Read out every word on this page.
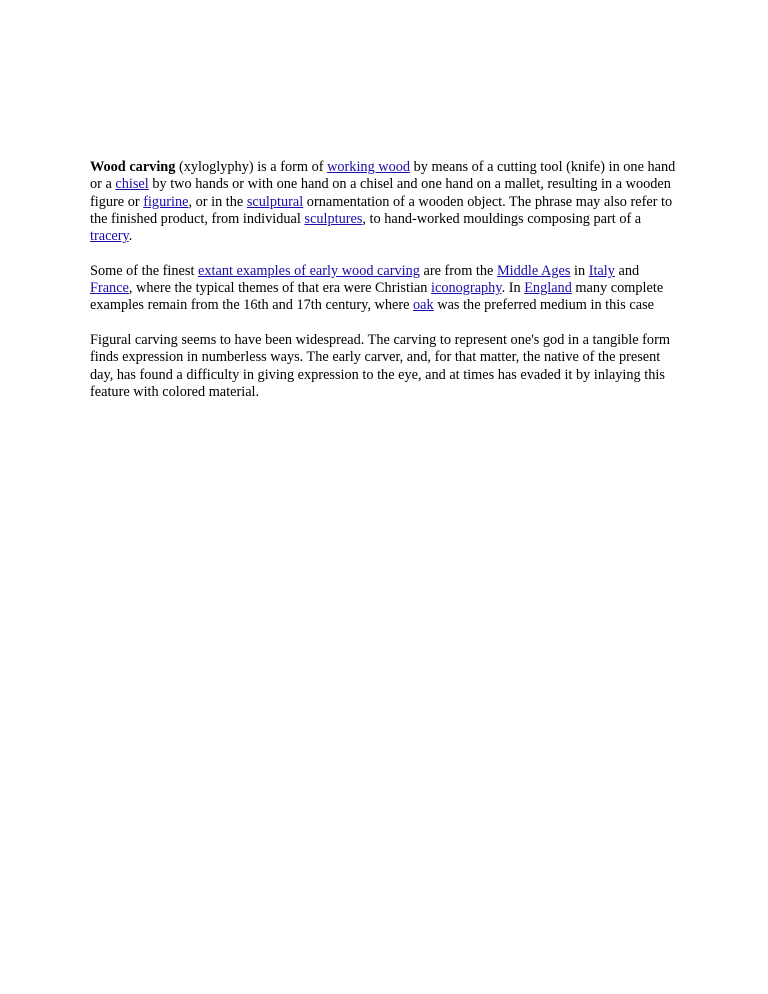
Wood carving (xyloglyphy) is a form of working wood by means of a cutting tool (knife) in one hand or a chisel by two hands or with one hand on a chisel and one hand on a mallet, resulting in a wooden figure or figurine, or in the sculptural ornamentation of a wooden object. The phrase may also refer to the finished product, from individual sculptures, to hand-worked mouldings composing part of a tracery.

Some of the finest extant examples of early wood carving are from the Middle Ages in Italy and France, where the typical themes of that era were Christian iconography. In England many complete examples remain from the 16th and 17th century, where oak was the preferred medium in this case

Figural carving seems to have been widespread. The carving to represent one's god in a tangible form finds expression in numberless ways. The early carver, and, for that matter, the native of the present day, has found a difficulty in giving expression to the eye, and at times has evaded it by inlaying this feature with colored material.
